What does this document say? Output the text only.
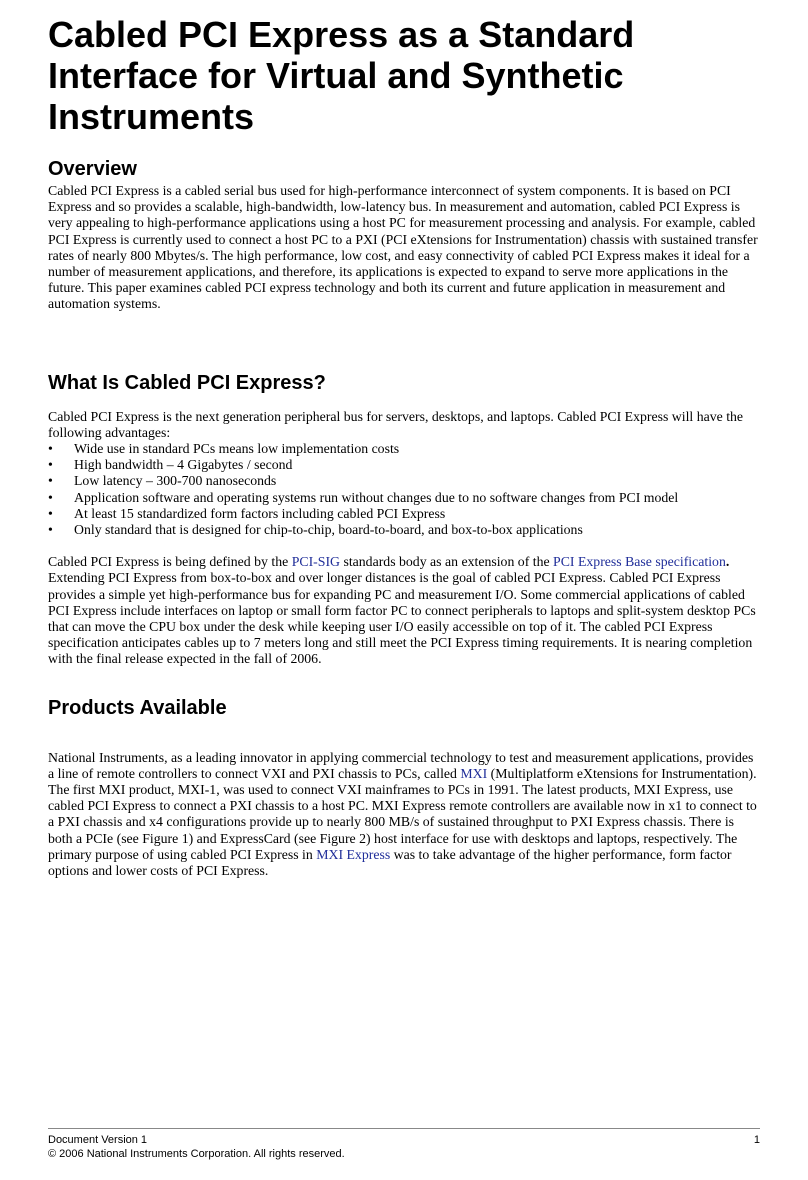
Cabled PCI Express as a Standard Interface for Virtual and Synthetic Instruments
Overview

Cabled PCI Express is a cabled serial bus used for high-performance interconnect of system components. It is based on PCI Express and so provides a scalable, high-bandwidth, low-latency bus. In measurement and automation, cabled PCI Express is very appealing to high-performance applications using a host PC for measurement processing and analysis. For example, cabled PCI Express is currently used to connect a host PC to a PXI (PCI eXtensions for Instrumentation) chassis with sustained transfer rates of nearly 800 Mbytes/s. The high performance, low cost, and easy connectivity of cabled PCI Express makes it ideal for a number of measurement applications, and therefore, its applications is expected to expand to serve more applications in the future. This paper examines cabled PCI express technology and both its current and future application in measurement and automation systems.

What Is Cabled PCI Express?

Cabled PCI Express is the next generation peripheral bus for servers, desktops, and laptops. Cabled PCI Express will have the following advantages:

• Wide use in standard PCs means low implementation costs
• High bandwidth – 4 Gigabytes / second
• Low latency – 300-700 nanoseconds
• Application software and operating systems run without changes due to no software changes from PCI model
• At least 15 standardized form factors including cabled PCI Express
• Only standard that is designed for chip-to-chip, board-to-board, and box-to-box applications

Cabled PCI Express is being defined by the PCI-SIG standards body as an extension of the PCI Express Base specification. Extending PCI Express from box-to-box and over longer distances is the goal of cabled PCI Express. Cabled PCI Express provides a simple yet high-performance bus for expanding PC and measurement I/O. Some commercial applications of cabled PCI Express include interfaces on laptop or small form factor PC to connect peripherals to laptops and split-system desktop PCs that can move the CPU box under the desk while keeping user I/O easily accessible on top of it. The cabled PCI Express specification anticipates cables up to 7 meters long and still meet the PCI Express timing requirements. It is nearing completion with the final release expected in the fall of 2006.

Products Available

National Instruments, as a leading innovator in applying commercial technology to test and measurement applications, provides a line of remote controllers to connect VXI and PXI chassis to PCs, called MXI (Multiplatform eXtensions for Instrumentation). The first MXI product, MXI-1, was used to connect VXI mainframes to PCs in 1991. The latest products, MXI Express, use cabled PCI Express to connect a PXI chassis to a host PC. MXI Express remote controllers are available now in x1 to connect to a PXI chassis and x4 configurations provide up to nearly 800 MB/s of sustained throughput to PXI Express chassis. There is both a PCIe (see Figure 1) and ExpressCard (see Figure 2) host interface for use with desktops and laptops, respectively. The primary purpose of using cabled PCI Express in MXI Express was to take advantage of the higher performance, form factor options and lower costs of PCI Express.

Document Version 1	1
© 2006 National Instruments Corporation. All rights reserved.
